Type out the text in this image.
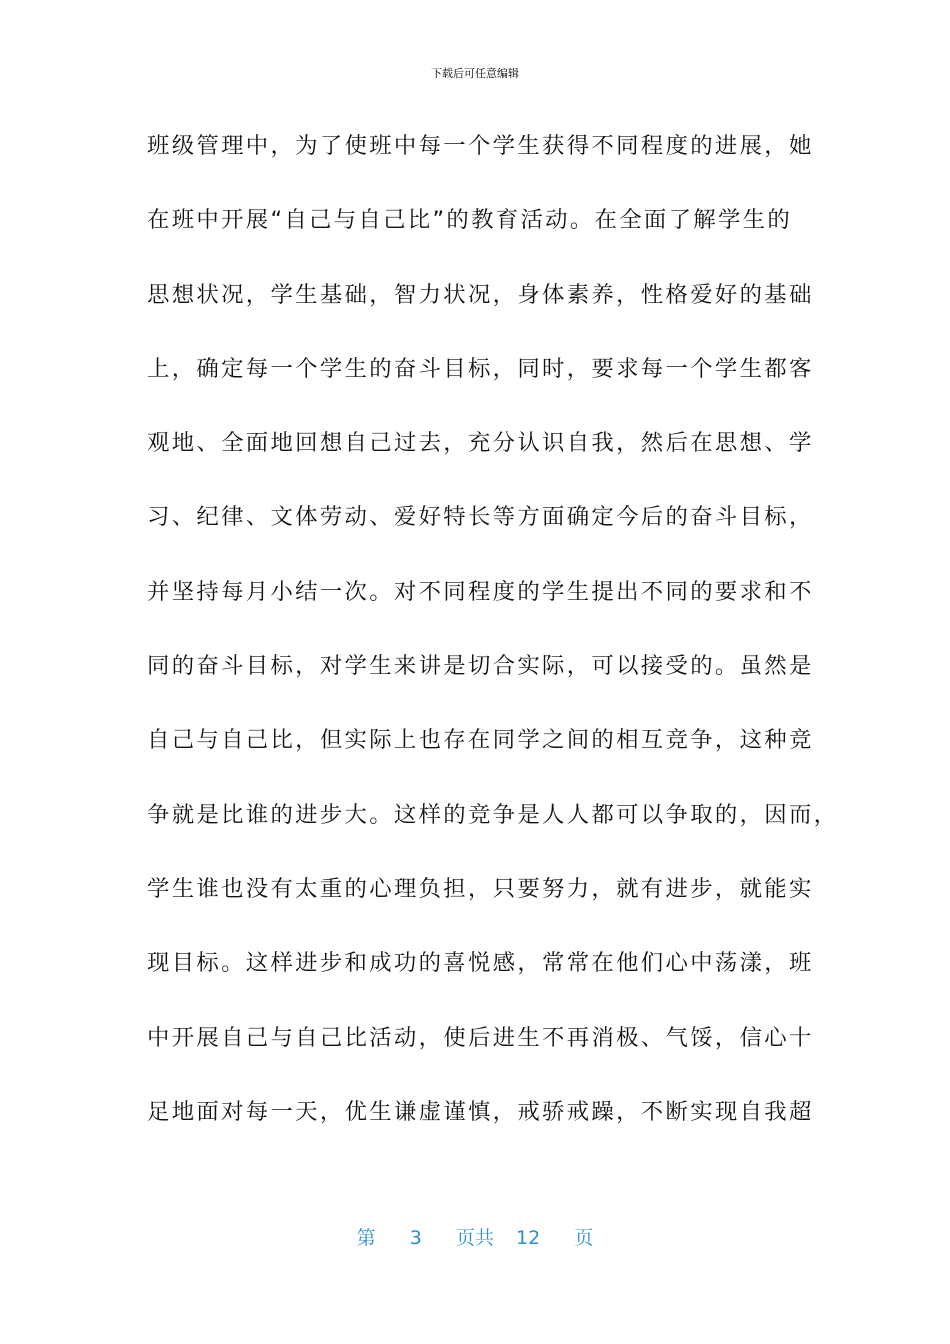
下载后可任意编辑
班级管理中，为了使班中每一个学生获得不同程度的进展，她
在班中开展“自己与自己比”的教育活动。在全面了解学生的
思想状况，学生基础，智力状况，身体素养，性格爱好的基础
上，确定每一个学生的奋斗目标，同时，要求每一个学生都客
观地、全面地回想自己过去，充分认识自我，然后在思想、学
习、纪律、文体劳动、爱好特长等方面确定今后的奋斗目标，
并坚持每月小结一次。对不同程度的学生提出不同的要求和不
同的奋斗目标，对学生来讲是切合实际，可以接受的。虽然是
自己与自己比，但实际上也存在同学之间的相互竞争，这种竞
争就是比谁的进步大。这样的竞争是人人都可以争取的，因而，
学生谁也没有太重的心理负担，只要努力，就有进步，就能实
现目标。这样进步和成功的喜悦感，常常在他们心中荡漾，班
中开展自己与自己比活动，使后进生不再消极、气馁，信心十
足地面对每一天，优生谦虚谨慎，戒骄戒躁，不断实现自我超
第 3 页共 12 页
